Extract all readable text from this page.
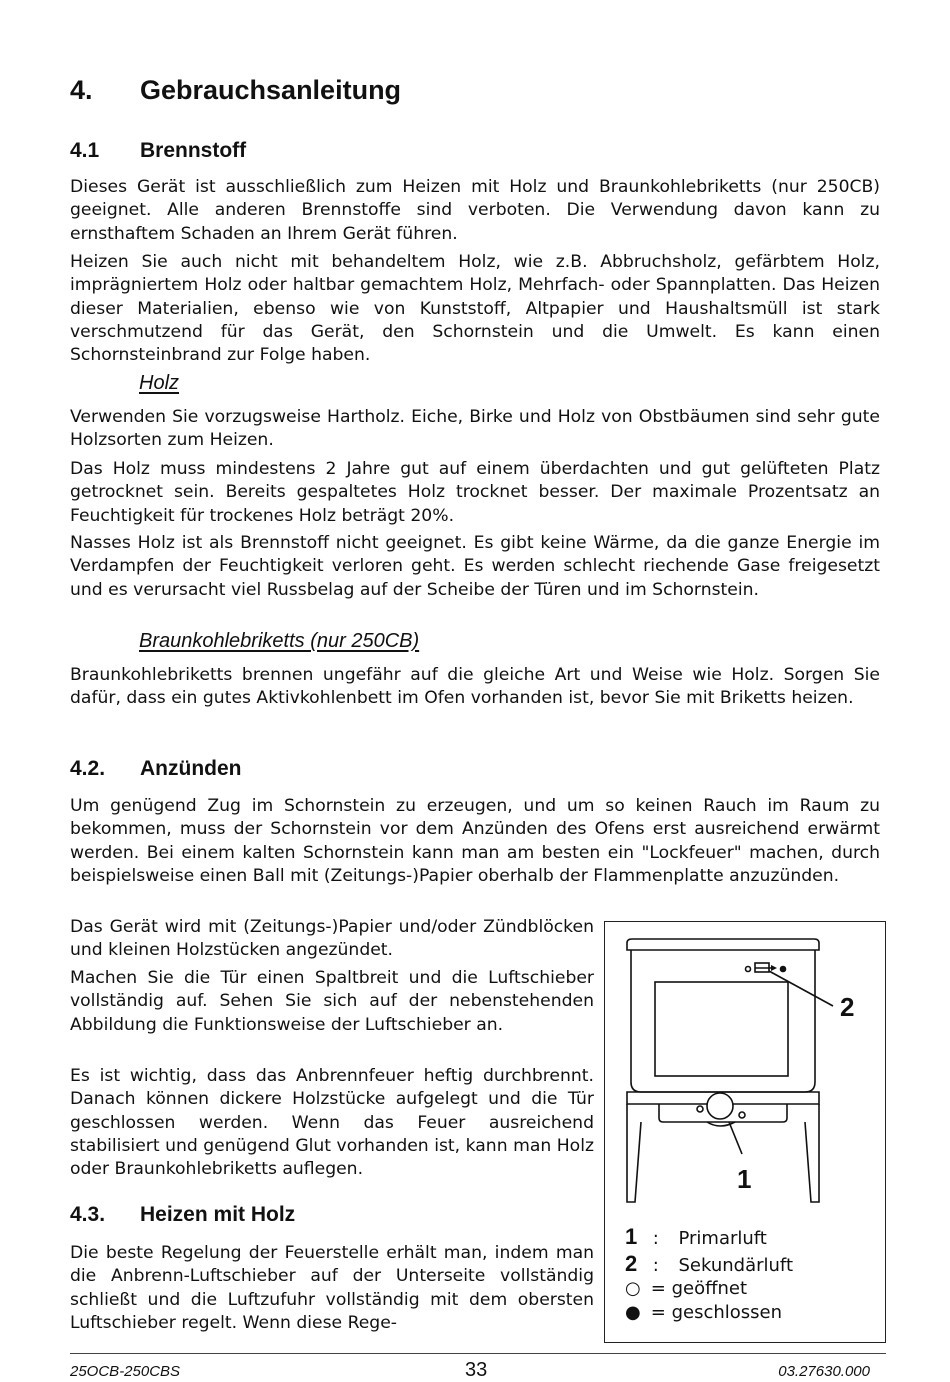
4. Gebrauchsanleitung
4.1 Brennstoff

Dieses Gerät ist ausschließlich zum Heizen mit Holz und Braunkohlebriketts (nur 250CB) geeignet. Alle anderen Brennstoffe sind verboten. Die Verwendung davon kann zu ernsthaftem Schaden an Ihrem Gerät führen.

Heizen Sie auch nicht mit behandeltem Holz, wie z.B. Abbruchsholz, gefärbtem Holz, imprägniertem Holz oder haltbar gemachtem Holz, Mehrfach- oder Spannplatten. Das Heizen dieser Materialien, ebenso wie von Kunststoff, Altpapier und Haushaltsmüll ist stark verschmutzend für das Gerät, den Schornstein und die Umwelt. Es kann einen Schornsteinbrand zur Folge haben.

Holz

Verwenden Sie vorzugsweise Hartholz. Eiche, Birke und Holz von Obstbäumen sind sehr gute Holzsorten zum Heizen.

Das Holz muss mindestens 2 Jahre gut auf einem überdachten und gut gelüfteten Platz getrocknet sein. Bereits gespaltetes Holz trocknet besser. Der maximale Prozentsatz an Feuchtigkeit für trockenes Holz beträgt 20%.

Nasses Holz ist als Brennstoff nicht geeignet. Es gibt keine Wärme, da die ganze Energie im Verdampfen der Feuchtigkeit verloren geht. Es werden schlecht riechende Gase freigesetzt und es verursacht viel Russbelag auf der Scheibe der Türen und im Schornstein.

Braunkohlebriketts (nur 250CB)

Braunkohlebriketts brennen ungefähr auf die gleiche Art und Weise wie Holz. Sorgen Sie dafür, dass ein gutes Aktivkohlenbett im Ofen vorhanden ist, bevor Sie mit Briketts heizen.

4.2. Anzünden

Um genügend Zug im Schornstein zu erzeugen, und um so keinen Rauch im Raum zu bekommen, muss der Schornstein vor dem Anzünden des Ofens erst ausreichend erwärmt werden. Bei einem kalten Schornstein kann man am besten ein "Lockfeuer" machen, durch beispielsweise einen Ball mit (Zeitungs-)Papier oberhalb der Flammenplatte anzuzünden.

Das Gerät wird mit (Zeitungs-)Papier und/oder Zündblöcken und kleinen Holzstücken angezündet.

Machen Sie die Tür einen Spaltbreit und die Luftschieber vollständig auf. Sehen Sie sich auf der nebenstehenden Abbildung die Funktionsweise der Luftschieber an.

Es ist wichtig, dass das Anbrennfeuer heftig durchbrennt. Danach können dickere Holzstücke aufgelegt und die Tür geschlossen werden. Wenn das Feuer ausreichend stabilisiert und genügend Glut vorhanden ist, kann man Holz oder Braunkohlebriketts auflegen.

4.3. Heizen mit Holz

Die beste Regelung der Feuerstelle erhält man, indem man die Anbrenn-Luftschieber auf der Unterseite vollständig schließt und die Luftzufuhr vollständig mit dem obersten Luftschieber regelt. Wenn diese Rege-

2
1
1 : Primarluft
2 : Sekundärluft
○ = geöffnet
● = geschlossen
25OCB-250CBS	33	03.27630.000
